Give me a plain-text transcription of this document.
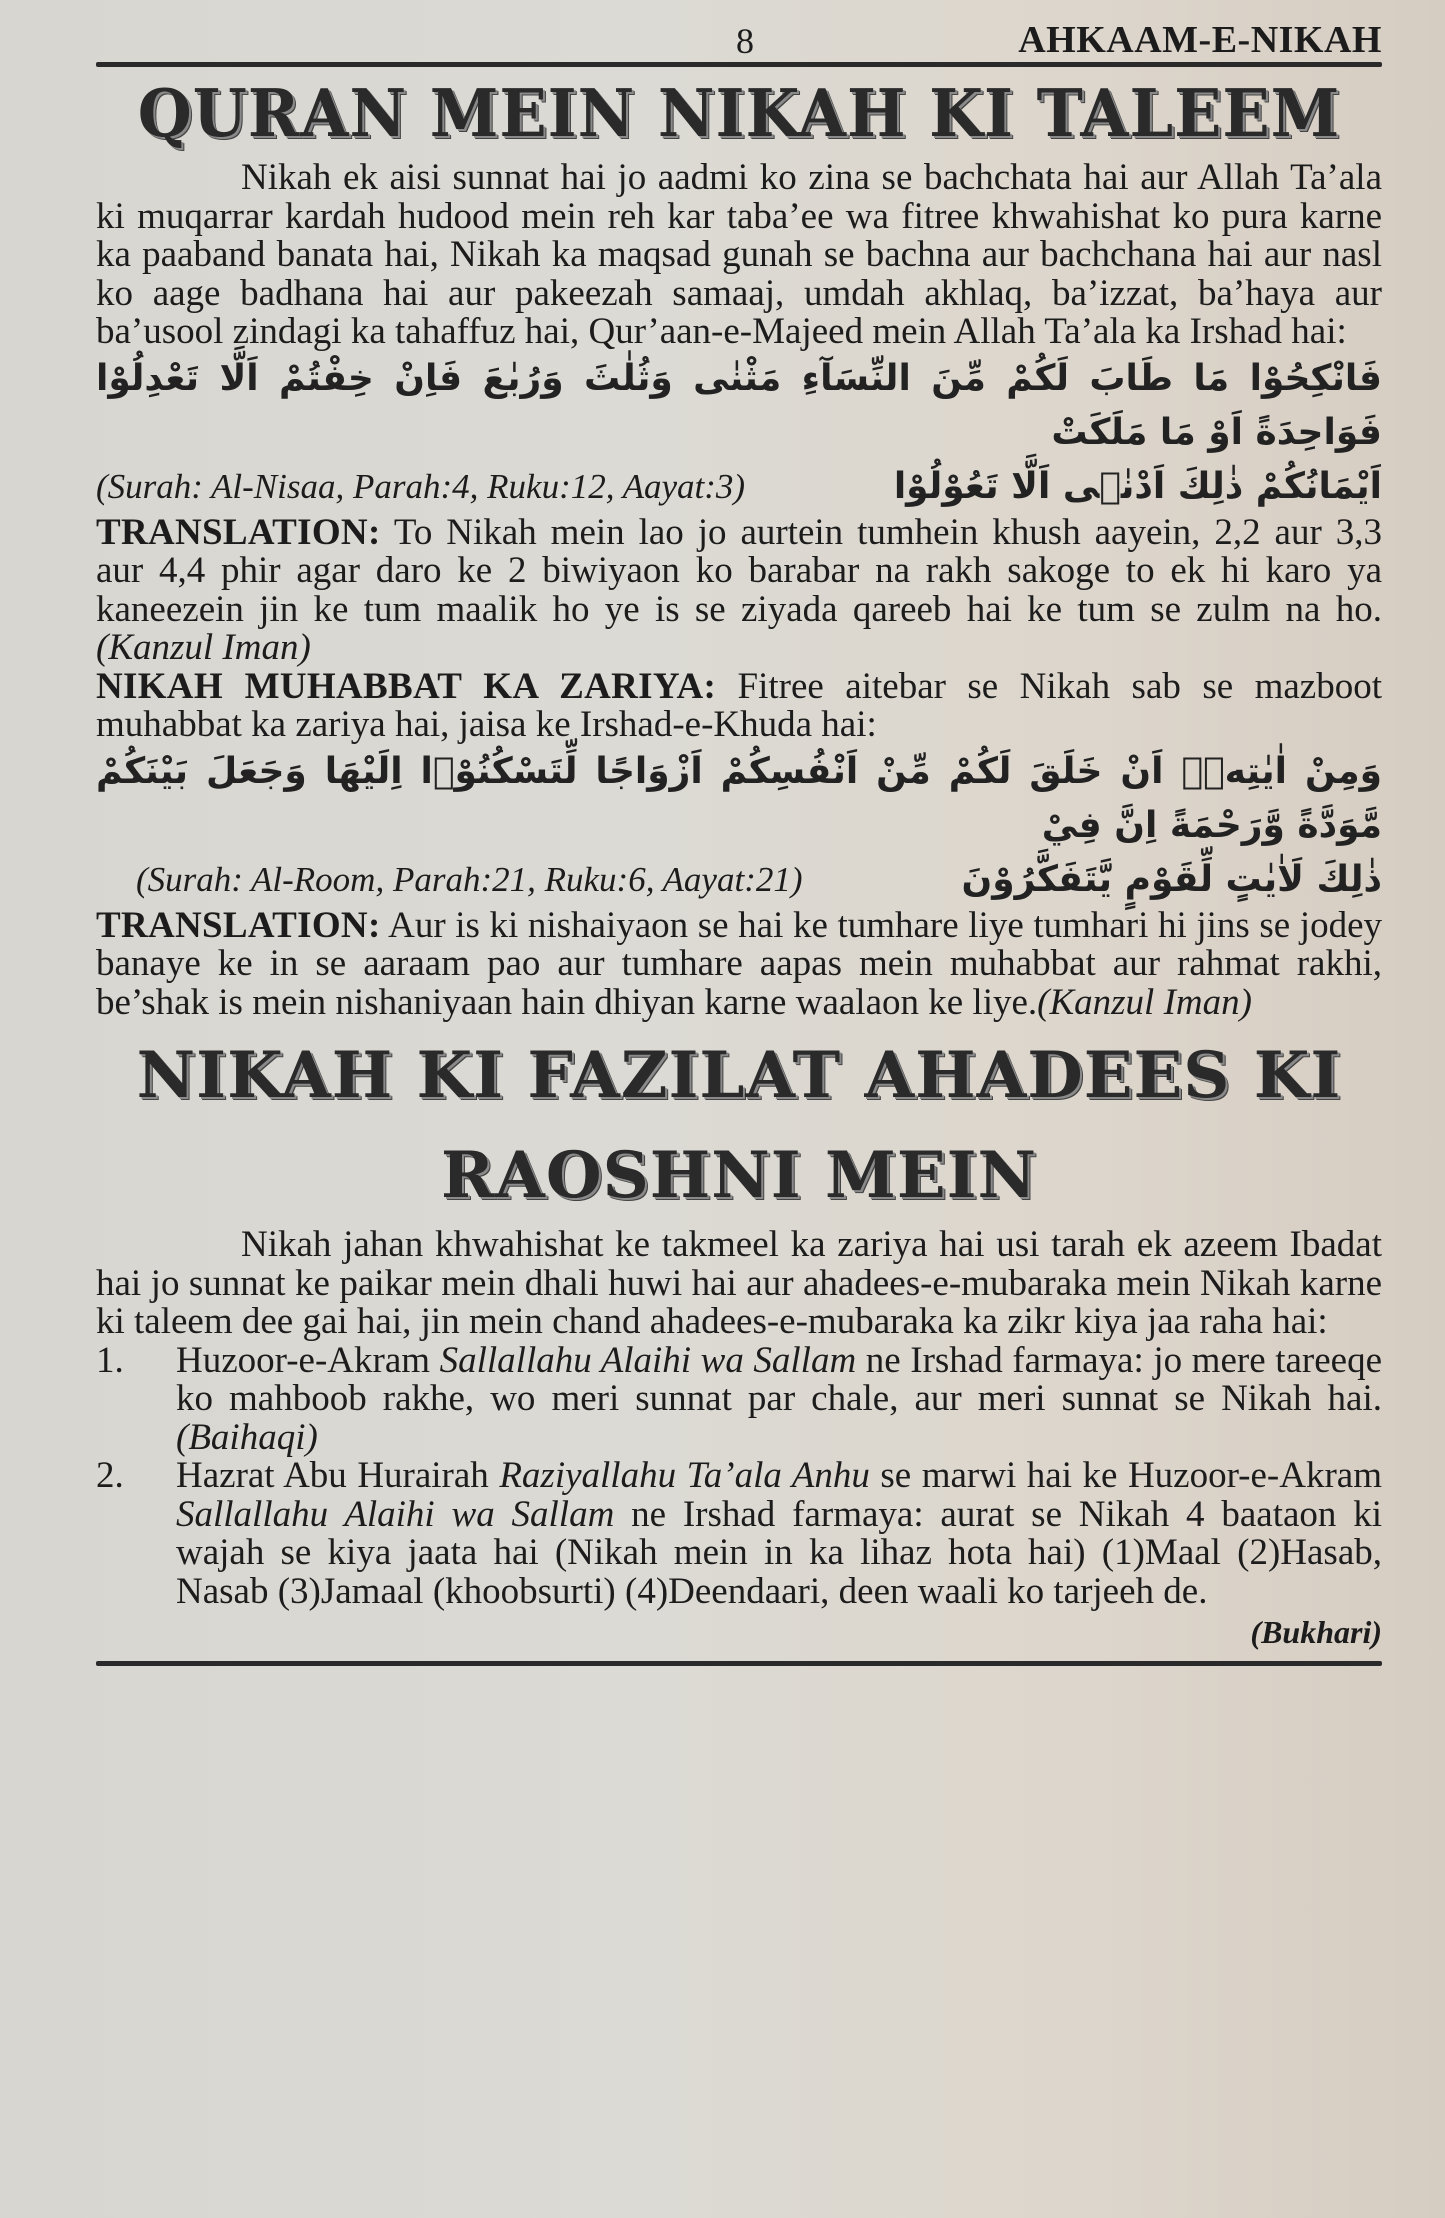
8	AHKAAM-E-NIKAH
QURAN MEIN NIKAH KI TALEEM

Nikah ek aisi sunnat hai jo aadmi ko zina se bachchata hai aur Allah Ta’ala ki muqarrar kardah hudood mein reh kar taba’ee wa fitree khwahishat ko pura karne ka paaband banata hai, Nikah ka maqsad gunah se bachna aur bachchana hai aur nasl ko aage badhana hai aur pakeezah samaaj, umdah akhlaq, ba’izzat, ba’haya aur ba’usool zindagi ka tahaffuz hai, Qur’aan-e-Majeed mein Allah Ta’ala ka Irshad hai:

فَانْكِحُوْا مَا طَابَ لَكُمْ مِّنَ النِّسَآءِ مَثْنٰى وَثُلٰثَ وَرُبٰعَ فَاِنْ خِفْتُمْ اَلَّا تَعْدِلُوْا فَوَاحِدَةً اَوْ مَا مَلَكَتْ
(Surah: Al-Nisaa, Parah:4, Ruku:12, Aayat:3)	اَيْمَانُكُمْ ذٰلِكَ اَدْنٰۤى اَلَّا تَعُوْلُوْا

TRANSLATION: To Nikah mein lao jo aurtein tumhein khush aayein, 2,2 aur 3,3 aur 4,4 phir agar daro ke 2 biwiyaon ko barabar na rakh sakoge to ek hi karo ya kaneezein jin ke tum maalik ho ye is se ziyada qareeb hai ke tum se zulm na ho. (Kanzul Iman)

NIKAH MUHABBAT KA ZARIYA: Fitree aitebar se Nikah sab se mazboot muhabbat ka zariya hai, jaisa ke Irshad-e-Khuda hai:

وَمِنْ اٰيٰتِهٖۤ اَنْ خَلَقَ لَكُمْ مِّنْ اَنْفُسِكُمْ اَزْوَاجًا لِّتَسْكُنُوْۤا اِلَيْهَا وَجَعَلَ بَيْنَكُمْ مَّوَدَّةً وَّرَحْمَةً اِنَّ فِيْ
(Surah: Al-Room, Parah:21, Ruku:6, Aayat:21)	ذٰلِكَ لَاٰيٰتٍ لِّقَوْمٍ يَّتَفَكَّرُوْنَ

TRANSLATION: Aur is ki nishaiyaon se hai ke tumhare liye tumhari hi jins se jodey banaye ke in se aaraam pao aur tumhare aapas mein muhabbat aur rahmat rakhi, be’shak is mein nishaniyaan hain dhiyan karne waalaon ke liye.(Kanzul Iman)

NIKAH KI FAZILAT AHADEES KI
RAOSHNI MEIN

Nikah jahan khwahishat ke takmeel ka zariya hai usi tarah ek azeem Ibadat hai jo sunnat ke paikar mein dhali huwi hai aur ahadees-e-mubaraka mein Nikah karne ki taleem dee gai hai, jin mein chand ahadees-e-mubaraka ka zikr kiya jaa raha hai:

1.	Huzoor-e-Akram Sallallahu Alaihi wa Sallam ne Irshad farmaya: jo mere tareeqe ko mahboob rakhe, wo meri sunnat par chale, aur meri sunnat se Nikah hai. (Baihaqi)
2.	Hazrat Abu Hurairah Raziyallahu Ta’ala Anhu se marwi hai ke Huzoor-e-Akram Sallallahu Alaihi wa Sallam ne Irshad farmaya: aurat se Nikah 4 baataon ki wajah se kiya jaata hai (Nikah mein in ka lihaz hota hai) (1)Maal (2)Hasab, Nasab (3)Jamaal (khoobsurti) (4)Deendaari, deen waali ko tarjeeh de.
(Bukhari)
